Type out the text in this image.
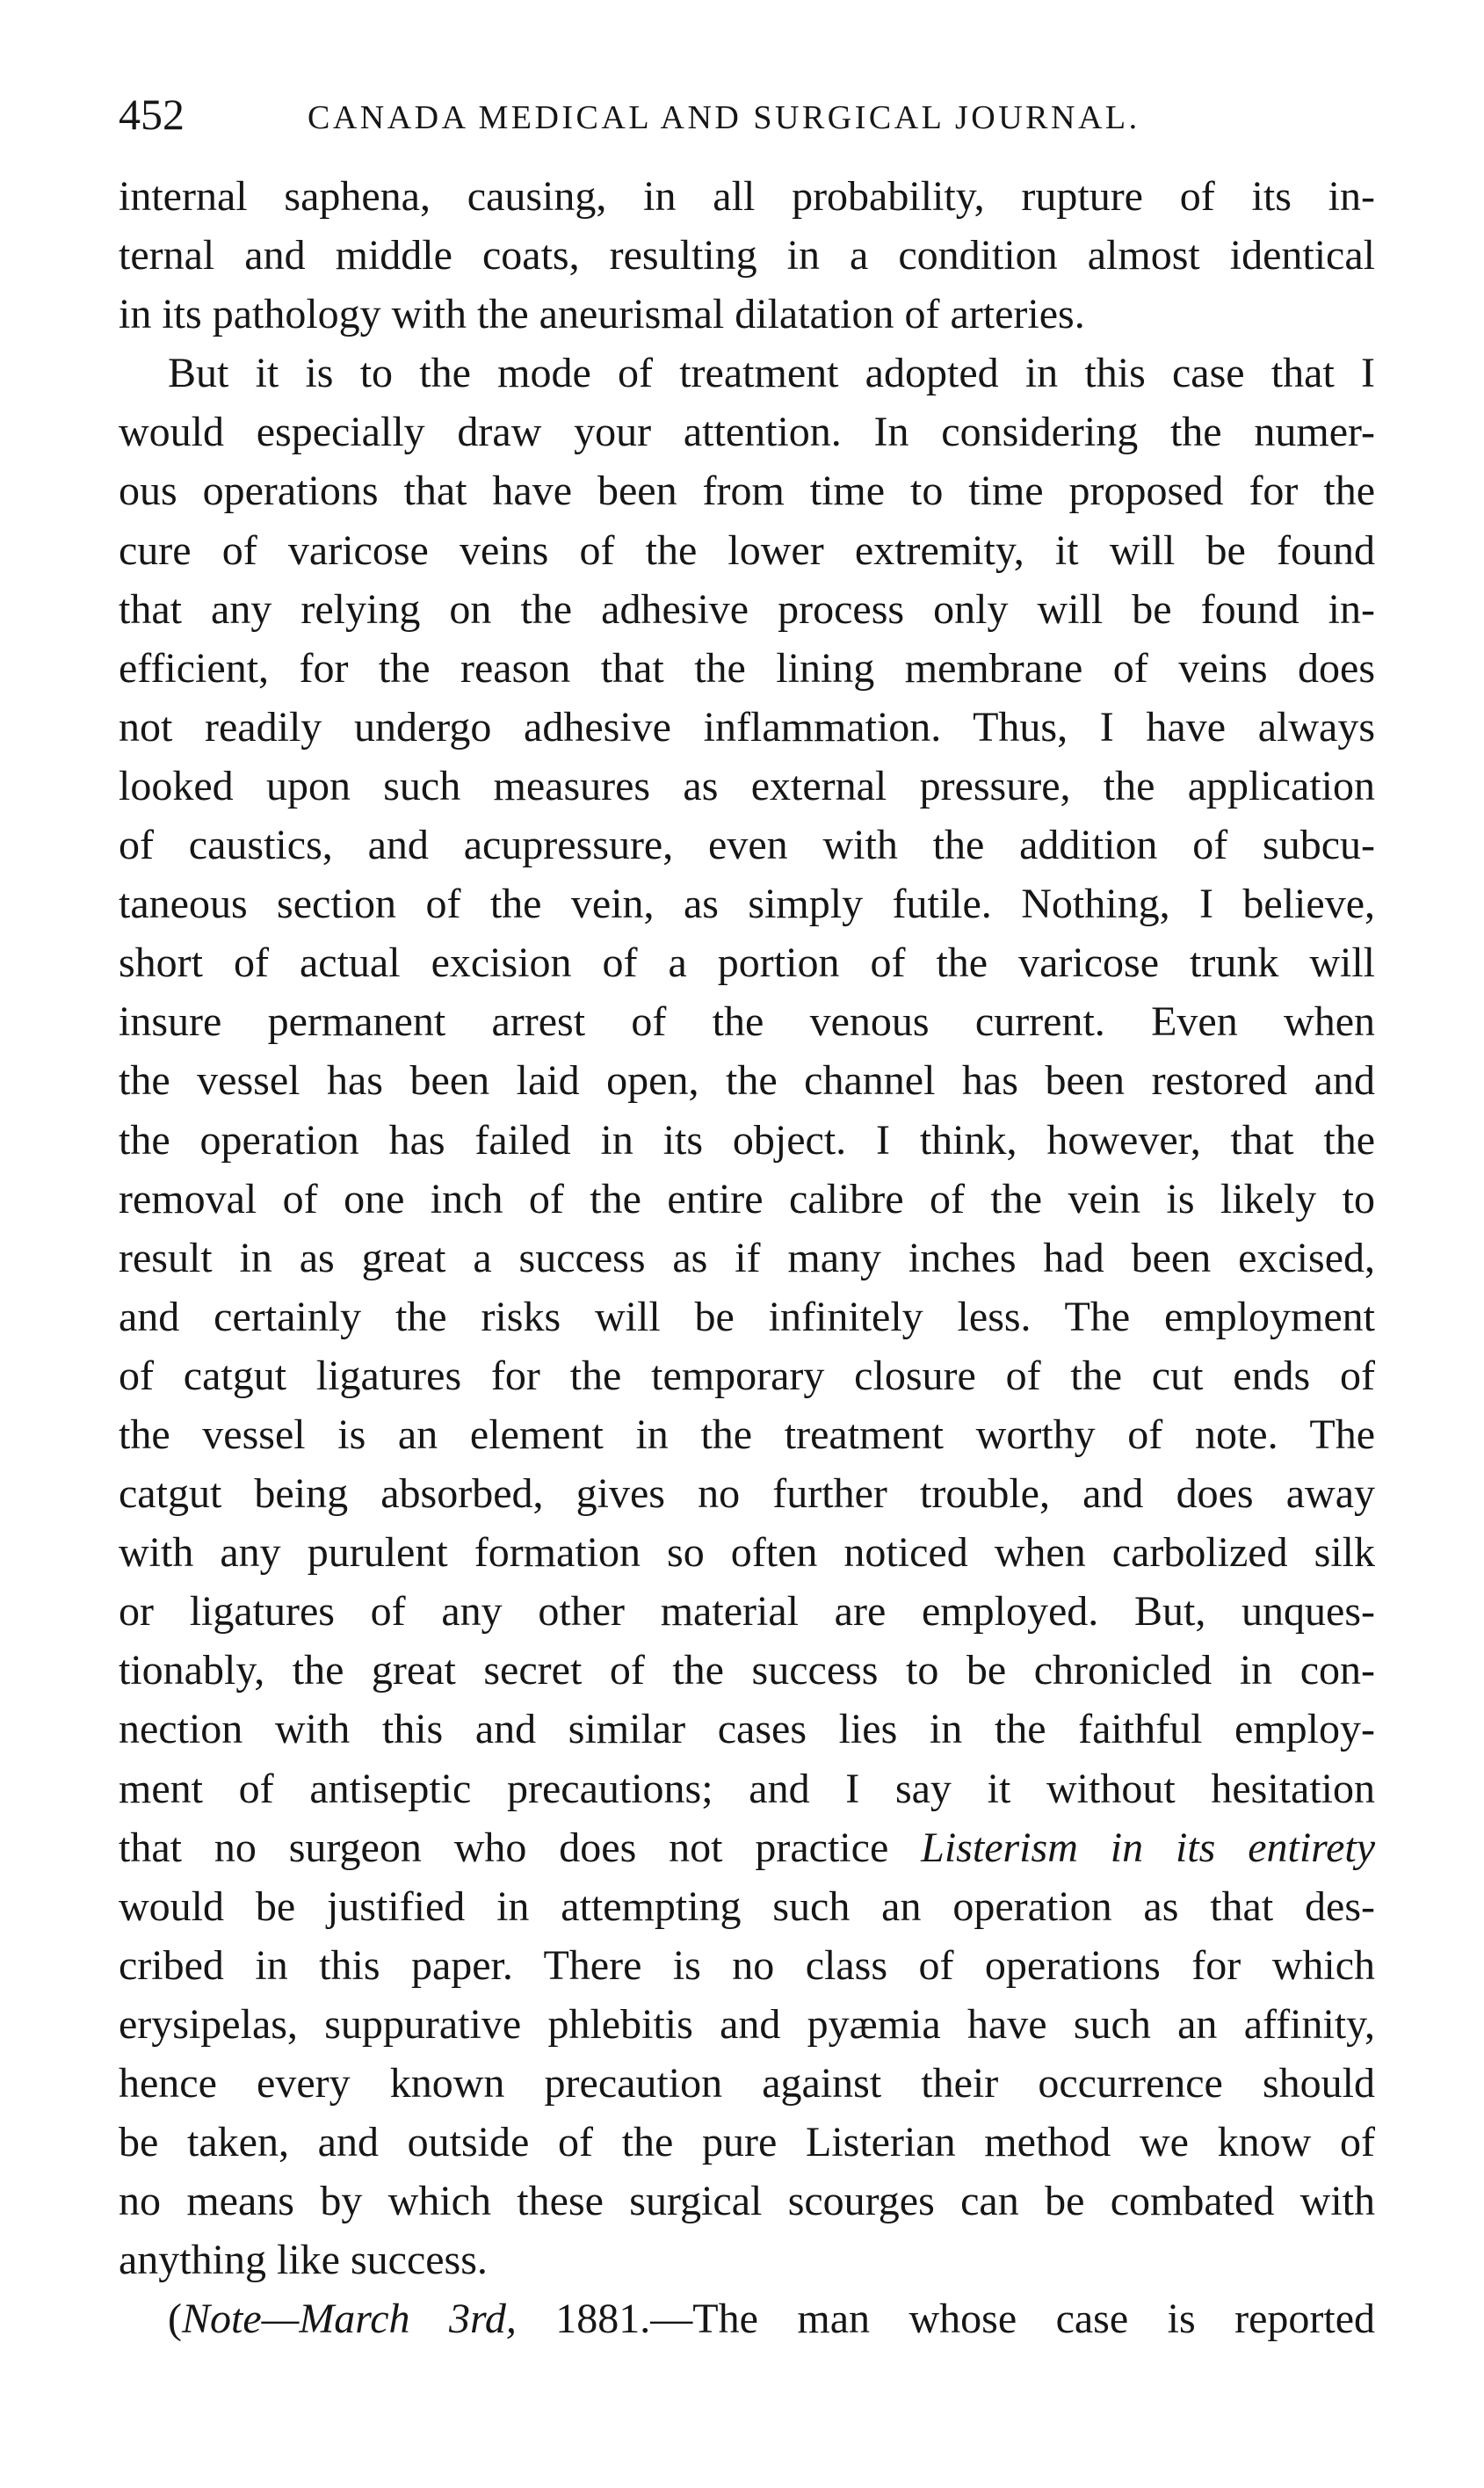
452	CANADA MEDICAL AND SURGICAL JOURNAL.
internal saphena, causing, in all probability, rupture of its in-
ternal and middle coats, resulting in a condition almost identical
in its pathology with the aneurismal dilatation of arteries.
But it is to the mode of treatment adopted in this case that I
would especially draw your attention. In considering the numer-
ous operations that have been from time to time proposed for the
cure of varicose veins of the lower extremity, it will be found
that any relying on the adhesive process only will be found in-
efficient, for the reason that the lining membrane of veins does
not readily undergo adhesive inflammation. Thus, I have always
looked upon such measures as external pressure, the application
of caustics, and acupressure, even with the addition of subcu-
taneous section of the vein, as simply futile. Nothing, I believe,
short of actual excision of a portion of the varicose trunk will
insure permanent arrest of the venous current. Even when
the vessel has been laid open, the channel has been restored and
the operation has failed in its object. I think, however, that the
removal of one inch of the entire calibre of the vein is likely to
result in as great a success as if many inches had been excised,
and certainly the risks will be infinitely less. The employment
of catgut ligatures for the temporary closure of the cut ends of
the vessel is an element in the treatment worthy of note. The
catgut being absorbed, gives no further trouble, and does away
with any purulent formation so often noticed when carbolized silk
or ligatures of any other material are employed. But, unques-
tionably, the great secret of the success to be chronicled in con-
nection with this and similar cases lies in the faithful employ-
ment of antiseptic precautions; and I say it without hesitation
that no surgeon who does not practice Listerism in its entirety
would be justified in attempting such an operation as that des-
cribed in this paper. There is no class of operations for which
erysipelas, suppurative phlebitis and pyæmia have such an affinity,
hence every known precaution against their occurrence should
be taken, and outside of the pure Listerian method we know of
no means by which these surgical scourges can be combated with
anything like success.
(Note—March 3rd, 1881.—The man whose case is reported
